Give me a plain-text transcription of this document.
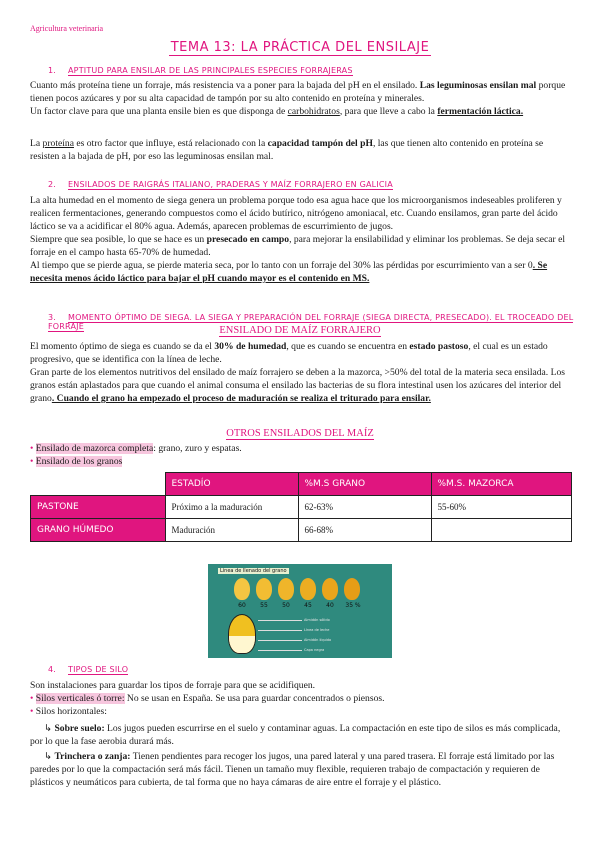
Agricultura veterinaria
TEMA 13: LA PRÁCTICA DEL ENSILAJE
1. APTITUD PARA ENSILAR DE LAS PRINCIPALES ESPECIES FORRAJERAS
Cuanto más proteína tiene un forraje, más resistencia va a poner para la bajada del pH en el ensilado. Las leguminosas ensilan mal porque tienen pocos azúcares y por su alta capacidad de tampón por su alto contenido en proteína y minerales.
Un factor clave para que una planta ensile bien es que disponga de carbohidratos, para que lleve a cabo la fermentación láctica.
La proteína es otro factor que influye, está relacionado con la capacidad tampón del pH, las que tienen alto contenido en proteína se resisten a la bajada de pH, por eso las leguminosas ensilan mal.
2. ENSILADOS DE RAIGRÁS ITALIANO, PRADERAS Y MAÍZ FORRAJERO EN GALICIA
La alta humedad en el momento de siega genera un problema porque todo esa agua hace que los microorganismos indeseables proliferen y realicen fermentaciones, generando compuestos como el ácido butírico, nitrógeno amoniacal, etc. Cuando ensilamos, gran parte del ácido láctico se va a acidificar el 80% agua. Además, aparecen problemas de escurrimiento de jugos.
Siempre que sea posible, lo que se hace es un presecado en campo, para mejorar la ensilabilidad y eliminar los problemas. Se deja secar el forraje en el campo hasta 65-70% de humedad.
Al tiempo que se pierde agua, se pierde materia seca, por lo tanto con un forraje del 30% las pérdidas por escurrimiento van a ser 0. Se necesita menos ácido láctico para bajar el pH cuando mayor es el contenido en MS.
3. MOMENTO ÓPTIMO DE SIEGA. LA SIEGA Y PREPARACIÓN DEL FORRAJE (SIEGA DIRECTA, PRESECADO). EL TROCEADO DEL FORRAJE	ENSILADO DE MAÍZ FORRAJERO
El momento óptimo de siega es cuando se da el 30% de humedad, que es cuando se encuentra en estado pastoso, el cual es un estado progresivo, que se identifica con la línea de leche.
Gran parte de los elementos nutritivos del ensilado de maíz forrajero se deben a la mazorca, >50% del total de la materia seca ensilada. Los granos están aplastados para que cuando el animal consuma el ensilado las bacterias de su flora intestinal usen los azúcares del interior del grano. Cuando el grano ha empezado el proceso de maduración se realiza el triturado para ensilar.
OTROS ENSILADOS DEL MAÍZ
• Ensilado de mazorca completa: grano, zuro y espatas.
• Ensilado de los granos
	ESTADÍO	%M.S GRANO	%M.S. MAZORCA
PASTONE	Próximo a la maduración	62-63%	55-60%
GRANO HÚMEDO	Maduración	66-68%	
Línea de llenado del grano
60	55	50	45	40	35 %
Almidón sólido
Línea de leche
Almidón líquido
Capa negra
4. TIPOS DE SILO
Son instalaciones para guardar los tipos de forraje para que se acidifiquen.
• Silos verticales ó torre: No se usan en España. Se usa para guardar concentrados o piensos.
• Silos horizontales:
↳ Sobre suelo: Los jugos pueden escurrirse en el suelo y contaminar aguas. La compactación en este tipo de silos es más complicada, por lo que la fase aerobia durará más.
↳ Trinchera o zanja: Tienen pendientes para recoger los jugos, una pared lateral y una pared trasera. El forraje está limitado por las paredes por lo que la compactación será más fácil. Tienen un tamaño muy flexible, requieren trabajo de compactación y requieren de plásticos y neumáticos para cubierta, de tal forma que no haya cámaras de aire entre el forraje y el plástico.
